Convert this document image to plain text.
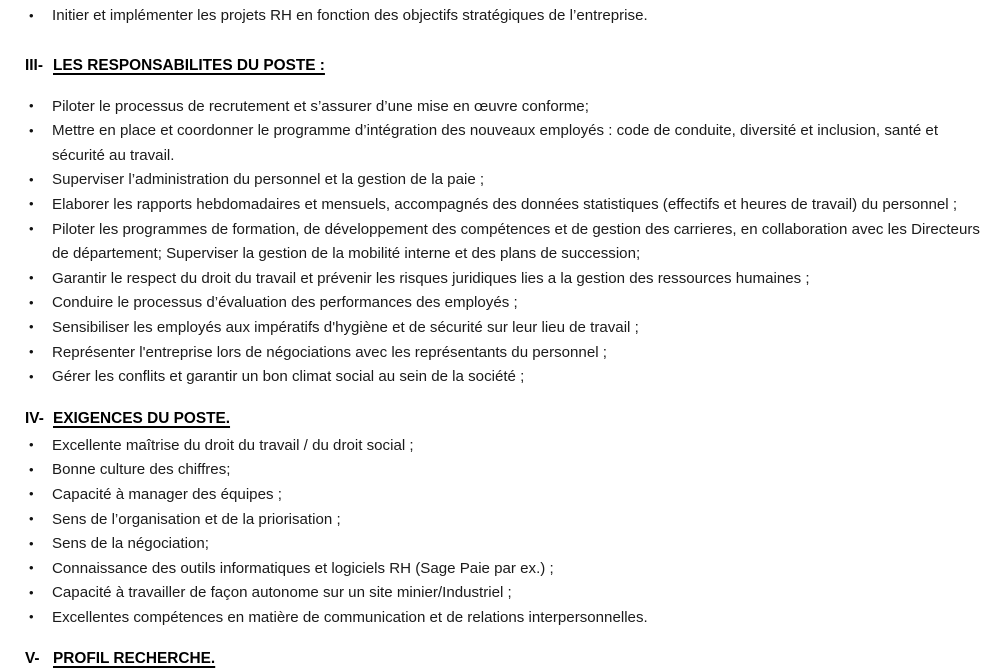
• Initier et implémenter les projets RH en fonction des objectifs stratégiques de l’entreprise.
III- LES RESPONSABILITES DU POSTE :
• Piloter le processus de recrutement et s’assurer d’une mise en œuvre conforme;
• Mettre en place et coordonner le programme d’intégration des nouveaux employés : code de conduite, diversité et inclusion, santé et sécurité au travail.
• Superviser l’administration du personnel et la gestion de la paie ;
• Elaborer les rapports hebdomadaires et mensuels, accompagnés des données statistiques (effectifs et heures de travail) du personnel ;
• Piloter les programmes de formation, de développement des compétences et de gestion des carrieres, en collaboration avec les Directeurs de département; Superviser la gestion de la mobilité interne et des plans de succession;
• Garantir le respect du droit du travail et prévenir les risques juridiques lies a la gestion des ressources humaines ;
• Conduire le processus d’évaluation des performances des employés ;
• Sensibiliser les employés aux impératifs d'hygiène et de sécurité sur leur lieu de travail ;
• Représenter l'entreprise lors de négociations avec les représentants du personnel ;
• Gérer les conflits et garantir un bon climat social au sein de la société ;
IV- EXIGENCES DU POSTE.
• Excellente maîtrise du droit du travail / du droit social ;
• Bonne culture des chiffres;
• Capacité à manager des équipes ;
• Sens de l’organisation et de la priorisation ;
• Sens de la négociation;
• Connaissance des outils informatiques et logiciels RH (Sage Paie par ex.) ;
• Capacité à travailler de façon autonome sur un site minier/Industriel ;
• Excellentes compétences en matière de communication et de relations interpersonnelles.
V- PROFIL RECHERCHE.
